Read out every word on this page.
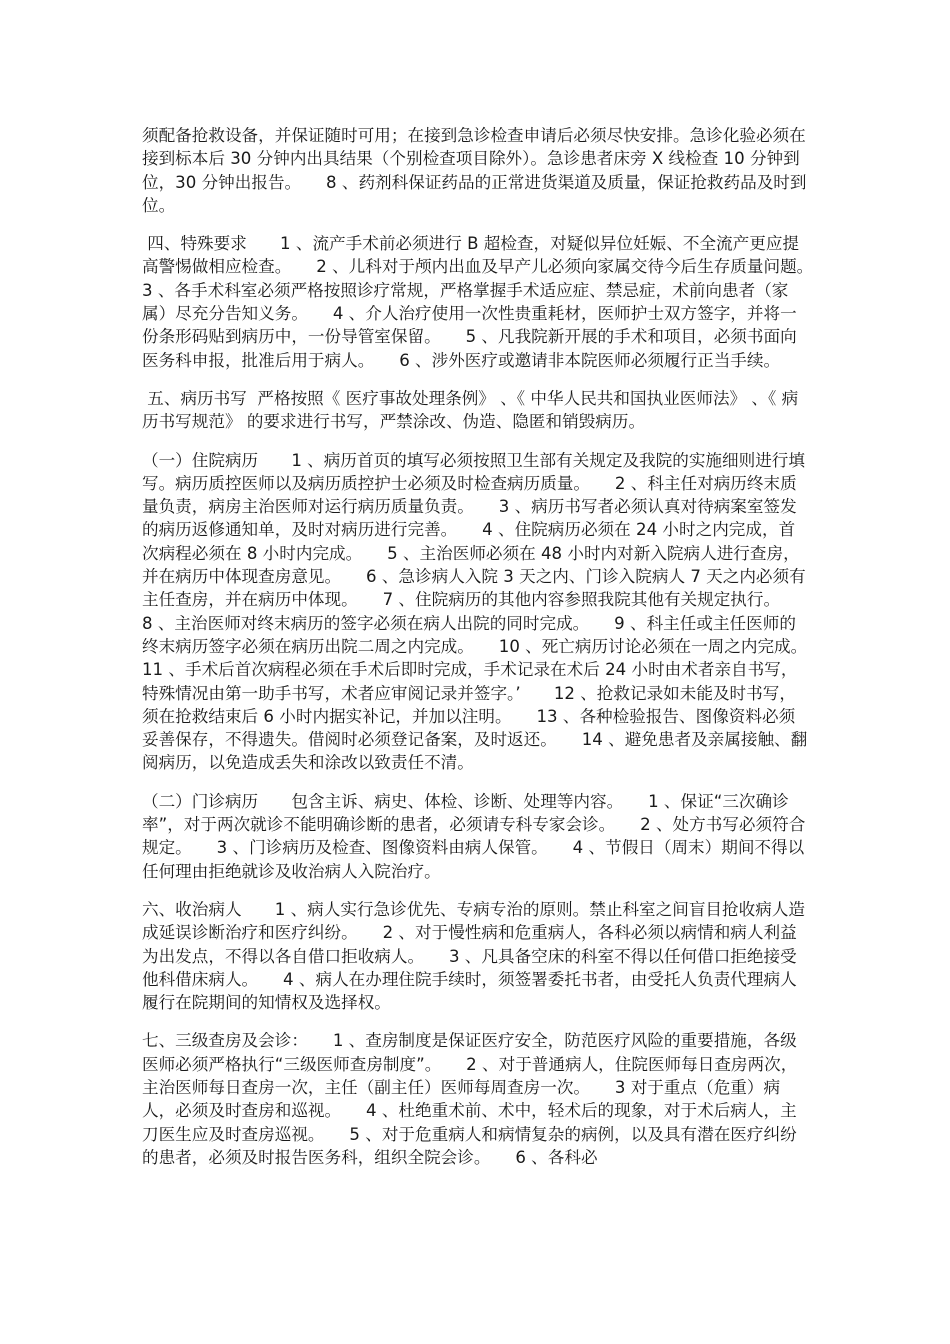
须配备抢救设备，并保证随时可用；在接到急诊检查申请后必须尽快安排。急诊化验必须在接到标本后 30 分钟内出具结果（个别检查项目除外）。急诊患者床旁 X 线检查 10 分钟到位，30 分钟出报告。　　8 、药剂科保证药品的正常进货渠道及质量，保证抢救药品及时到位。

四、特殊要求　　1 、流产手术前必须进行 B 超检查，对疑似异位妊娠、不全流产更应提高警惕做相应检查。　　2 、儿科对于颅内出血及早产儿必须向家属交待今后生存质量问题。　　3 、各手术科室必须严格按照诊疗常规，严格掌握手术适应症、禁忌症，术前向患者（家属）尽充分告知义务。　　4 、介人治疗使用一次性贵重耗材，医师护士双方签字，并将一份条形码贴到病历中，一份导管室保留。　　5 、凡我院新开展的手术和项目，必须书面向医务科申报，批准后用于病人。　　6 、涉外医疗或邀请非本院医师必须履行正当手续。

五、病历书写  严格按照《 医疗事故处理条例》 、《 中华人民共和国执业医师法》 、《 病历书写规范》 的要求进行书写，严禁涂改、伪造、隐匿和销毁病历。

（一）住院病历　　1 、病历首页的填写必须按照卫生部有关规定及我院的实施细则进行填写。病历质控医师以及病历质控护士必须及时检查病历质量。　　2 、科主任对病历终末质量负责，病房主治医师对运行病历质量负责。　　3 、病历书写者必须认真对待病案室签发的病历返修通知单，及时对病历进行完善。　　4 、住院病历必须在 24 小时之内完成，首次病程必须在 8 小时内完成。　　5 、主治医师必须在 48 小时内对新入院病人进行查房，并在病历中体现查房意见。　　6 、急诊病人入院 3 天之内、门诊入院病人 7 天之内必须有主任查房，并在病历中体现。　　7 、住院病历的其他内容参照我院其他有关规定执行。　　8 、主治医师对终末病历的签字必须在病人出院的同时完成。　　9 、科主任或主任医师的终末病历签字必须在病历出院二周之内完成。　　10 、死亡病历讨论必须在一周之内完成。　　11 、手术后首次病程必须在手术后即时完成，手术记录在术后 24 小时由术者亲自书写，特殊情况由第一助手书写，术者应审阅记录并签字。’　　12 、抢救记录如未能及时书写，须在抢救结束后 6 小时内据实补记，并加以注明。　　13 、各种检验报告、图像资料必须妥善保存，不得遗失。借阅时必须登记备案，及时返还。　　14 、避免患者及亲属接触、翻阅病历，以免造成丢失和涂改以致责任不清。

（二）门诊病历　　包含主诉、病史、体检、诊断、处理等内容。　　1 、保证“三次确诊率”，对于两次就诊不能明确诊断的患者，必须请专科专家会诊。　　2 、处方书写必须符合规定。　　3 、门诊病历及检查、图像资料由病人保管。　　4 、节假日（周末）期间不得以任何理由拒绝就诊及收治病人入院治疗。

六、收治病人　　1 、病人实行急诊优先、专病专治的原则。禁止科室之间盲目抢收病人造成延误诊断治疗和医疗纠纷。　　2 、对于慢性病和危重病人，各科必须以病情和病人利益为出发点，不得以各自借口拒收病人。　　3 、凡具备空床的科室不得以任何借口拒绝接受他科借床病人。　　4 、病人在办理住院手续时，须签署委托书者，由受托人负责代理病人履行在院期间的知情权及选择权。

七、三级查房及会诊：　　1 、查房制度是保证医疗安全，防范医疗风险的重要措施，各级医师必须严格执行“三级医师查房制度”。　　2 、对于普通病人，住院医师每日查房两次，主治医师每日查房一次，主任（副主任）医师每周查房一次。　　3 对于重点（危重）病人，必须及时查房和巡视。　　4 、杜绝重术前、术中，轻术后的现象，对于术后病人，主刀医生应及时查房巡视。　　5 、对于危重病人和病情复杂的病例，以及具有潜在医疗纠纷的患者，必须及时报告医务科，组织全院会诊。　　6 、各科必
